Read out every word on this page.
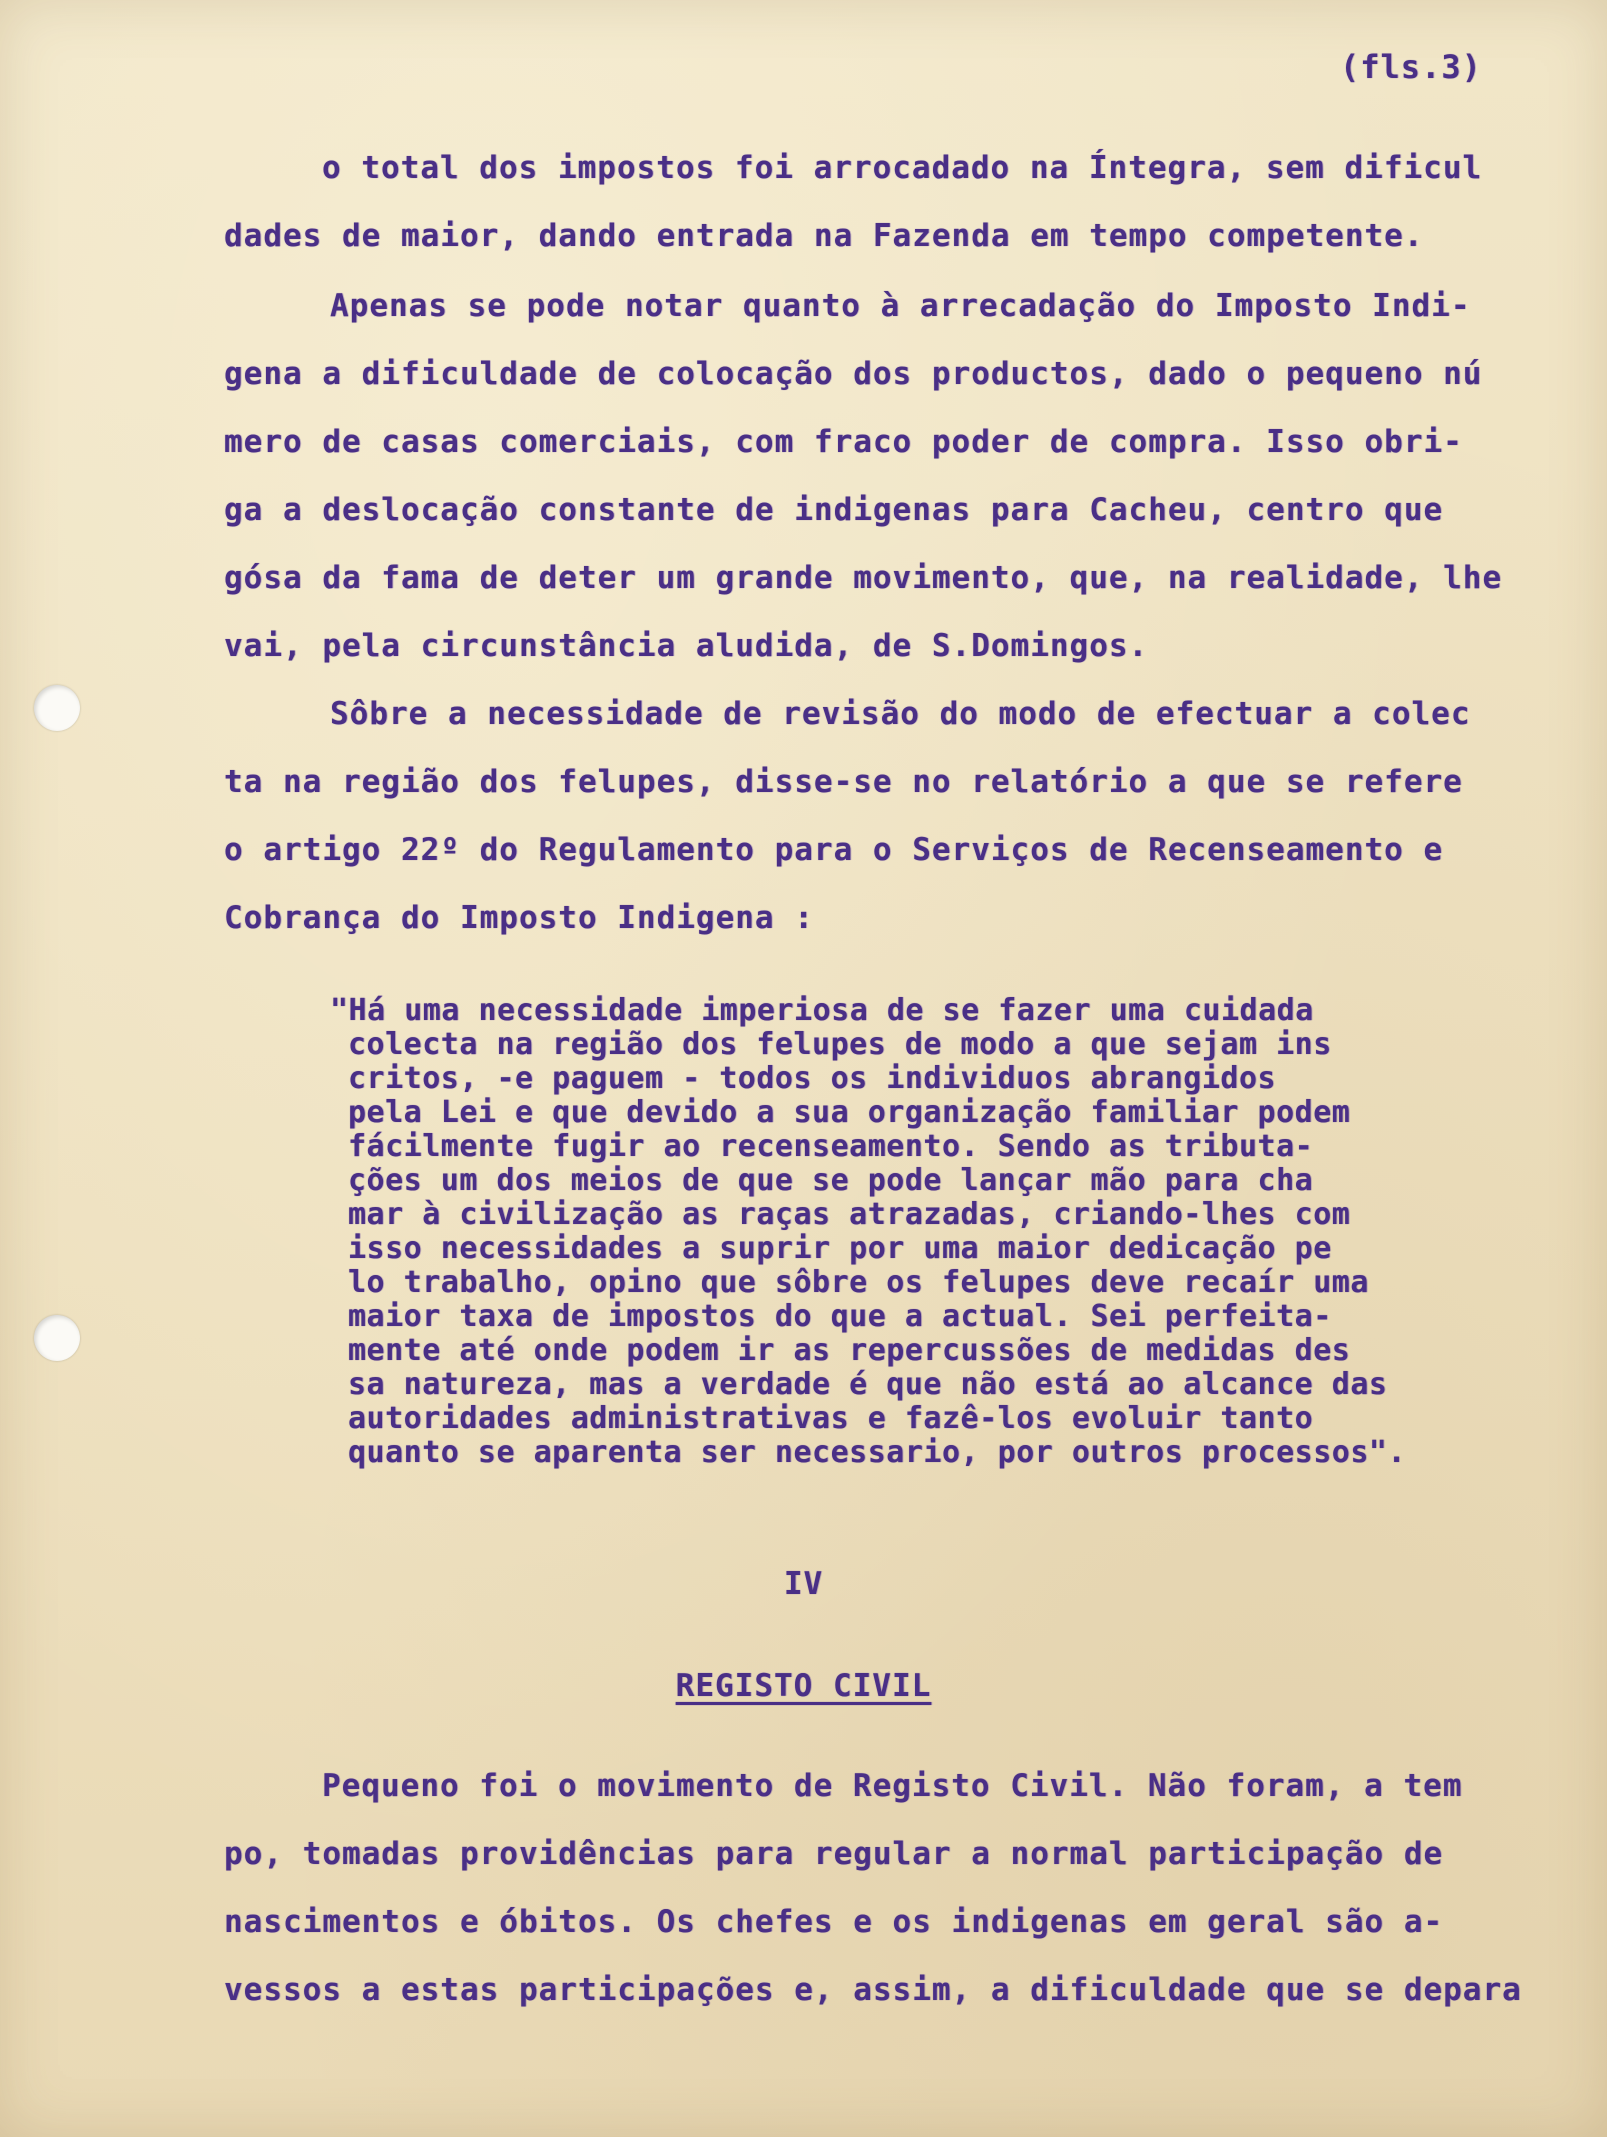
(fls.3)
o total dos impostos foi arrocadado na Íntegra, sem dificul
dades de maior, dando entrada na Fazenda em tempo competente.
Apenas se pode notar quanto à arrecadação do Imposto Indi-
gena a dificuldade de colocação dos productos, dado o pequeno nú
mero de casas comerciais, com fraco poder de compra. Isso obri-
ga a deslocação constante de indigenas para Cacheu, centro que
gósa da fama de deter um grande movimento, que, na realidade, lhe
vai, pela circunstância aludida, de S.Domingos.
Sôbre a necessidade de revisão do modo de efectuar a colec
ta na região dos felupes, disse-se no relatório a que se refere
o artigo 22º do Regulamento para o Serviços de Recenseamento e
Cobrança do Imposto Indigena :
"Há uma necessidade imperiosa de se fazer uma cuidada
colecta na região dos felupes de modo a que sejam ins
critos, -e paguem - todos os individuos abrangidos
pela Lei e que devido a sua organização familiar podem
fácilmente fugir ao recenseamento. Sendo as tributa-
ções um dos meios de que se pode lançar mão para cha
mar à civilização as raças atrazadas, criando-lhes com
isso necessidades a suprir por uma maior dedicação pe
lo trabalho, opino que sôbre os felupes deve recaír uma
maior taxa de impostos do que a actual. Sei perfeita-
mente até onde podem ir as repercussões de medidas des
sa natureza, mas a verdade é que não está ao alcance das
autoridades administrativas e fazê-los evoluir tanto
quanto se aparenta ser necessario, por outros processos".
IV
REGISTO CIVIL
Pequeno foi o movimento de Registo Civil. Não foram, a tem
po, tomadas providências para regular a normal participação de
nascimentos e óbitos. Os chefes e os indigenas em geral são a-
vessos a estas participações e, assim, a dificuldade que se depara
